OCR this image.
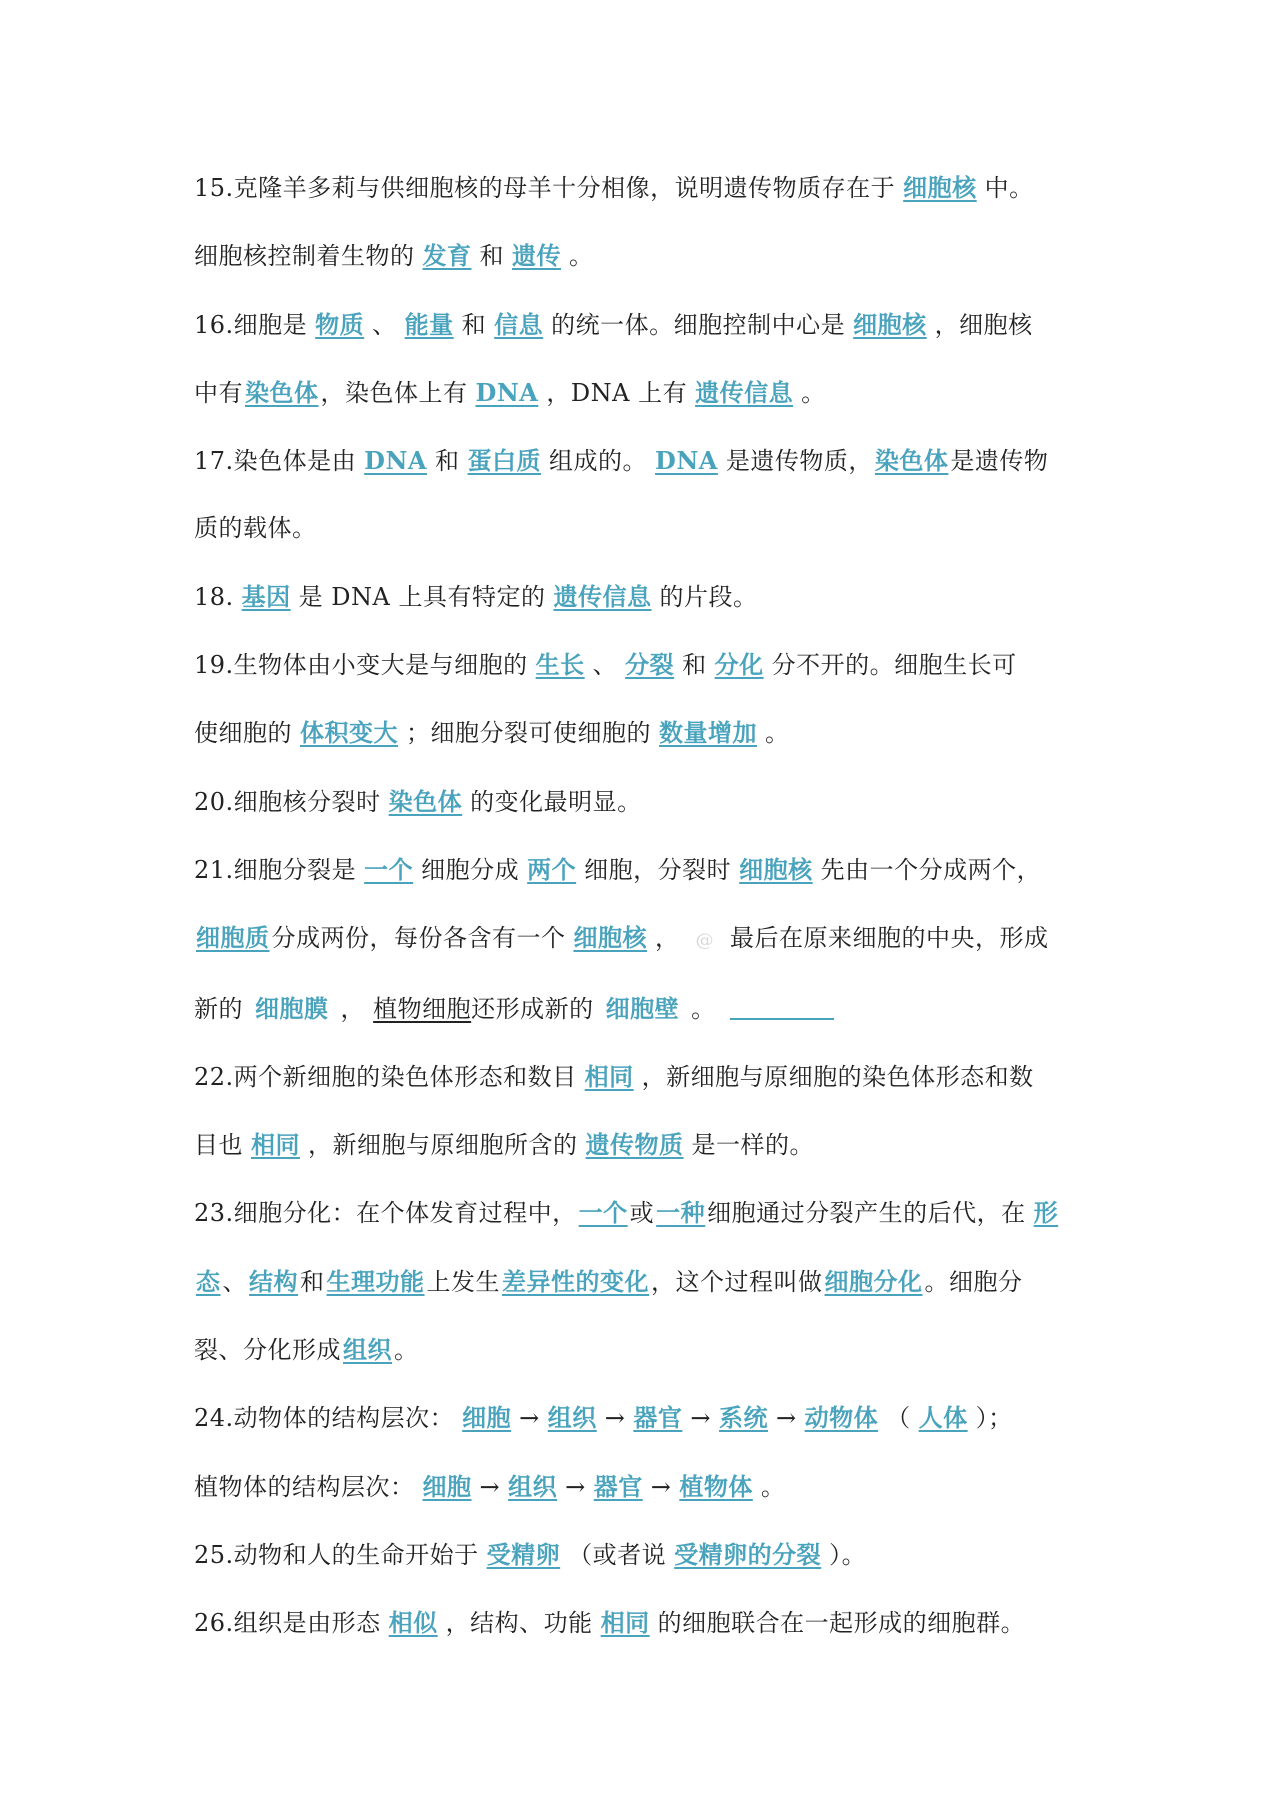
15.克隆羊多莉与供细胞核的母羊十分相像，说明遗传物质存在于 细胞核 中。

细胞核控制着生物的 发育 和 遗传 。

16.细胞是 物质 、 能量 和 信息 的统一体。细胞控制中心是 细胞核 ，细胞核

中有染色体，染色体上有 DNA ，DNA 上有 遗传信息 。

17.染色体是由 DNA 和 蛋白质 组成的。 DNA 是遗传物质，染色体是遗传物

质的载体。

18. 基因 是 DNA 上具有特定的 遗传信息 的片段。

19.生物体由小变大是与细胞的 生长 、 分裂 和 分化 分不开的。细胞生长可

使细胞的 体积变大 ；细胞分裂可使细胞的 数量增加 。

20.细胞核分裂时 染色体 的变化最明显。

21.细胞分裂是 一个 细胞分成 两个 细胞，分裂时 细胞核 先由一个分成两个，

细胞质分成两份，每份各含有一个 细胞核 ， @ 最后在原来细胞的中央，形成

新的 细胞膜 ， 植物细胞还形成新的 细胞壁 。

22.两个新细胞的染色体形态和数目 相同 ，新细胞与原细胞的染色体形态和数

目也 相同 ，新细胞与原细胞所含的 遗传物质 是一样的。

23.细胞分化：在个体发育过程中，一个或一种细胞通过分裂产生的后代，在 形

态、结构和生理功能上发生差异性的变化，这个过程叫做细胞分化。细胞分

裂、分化形成组织。

24.动物体的结构层次： 细胞 → 组织 → 器官 → 系统 → 动物体 （ 人体 ）；

植物体的结构层次： 细胞 → 组织 → 器官 → 植物体 。

25.动物和人的生命开始于 受精卵 （或者说 受精卵的分裂 ）。

26.组织是由形态 相似 ，结构、功能 相同 的细胞联合在一起形成的细胞群。
